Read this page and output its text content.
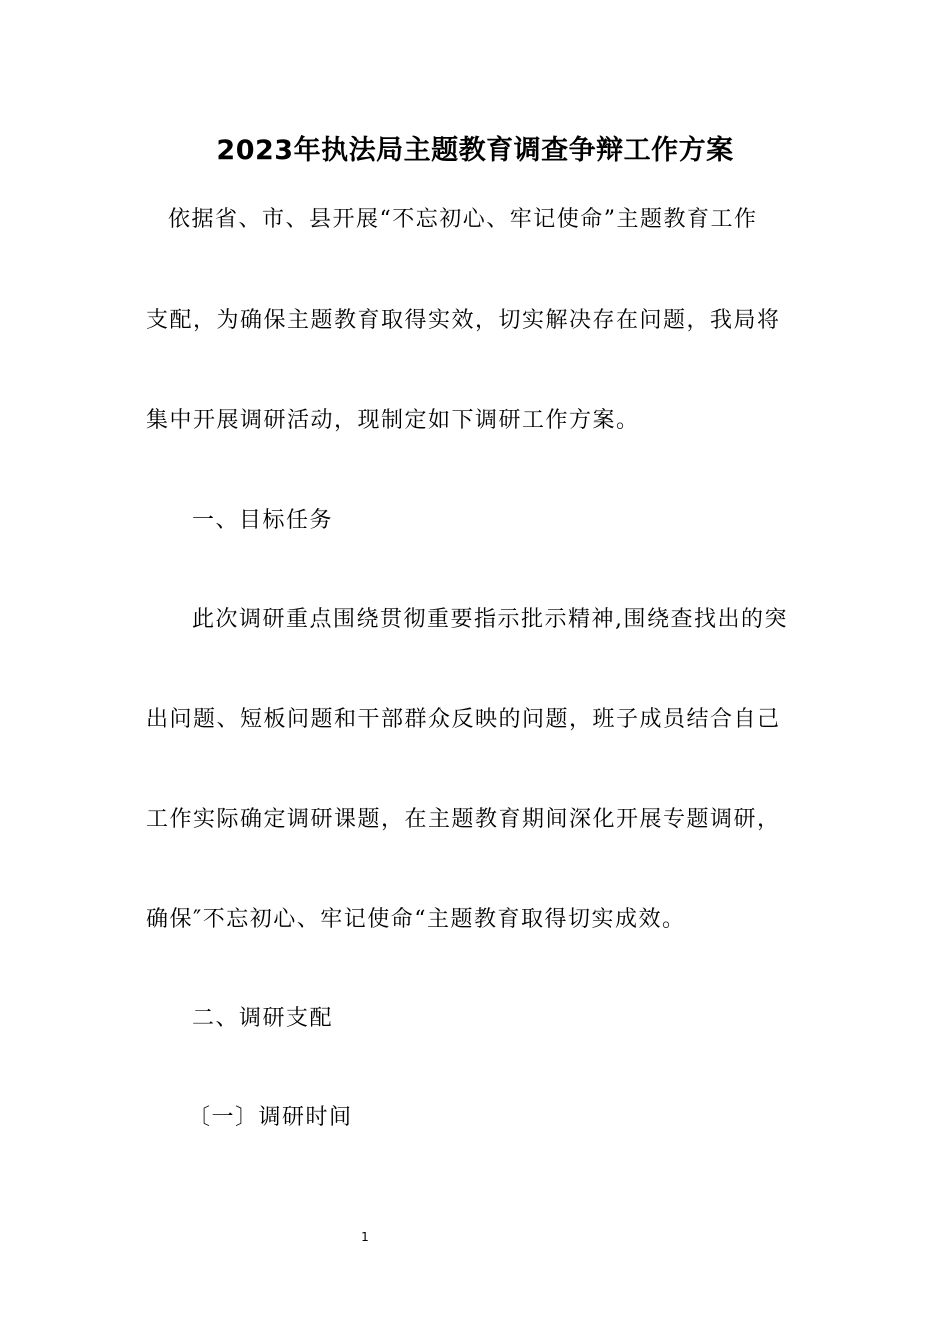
2023年执法局主题教育调查争辩工作方案
依据省、市、县开展“不忘初心、牢记使命”主题教育工作
支配，为确保主题教育取得实效，切实解决存在问题，我局将
集中开展调研活动，现制定如下调研工作方案。
一、目标任务
此次调研重点围绕贯彻重要指示批示精神,围绕查找出的突
出问题、短板问题和干部群众反映的问题，班子成员结合自己
工作实际确定调研课题，在主题教育期间深化开展专题调研，
确保″不忘初心、牢记使命“主题教育取得切实成效。
二、调研支配
〔一〕调研时间
1
